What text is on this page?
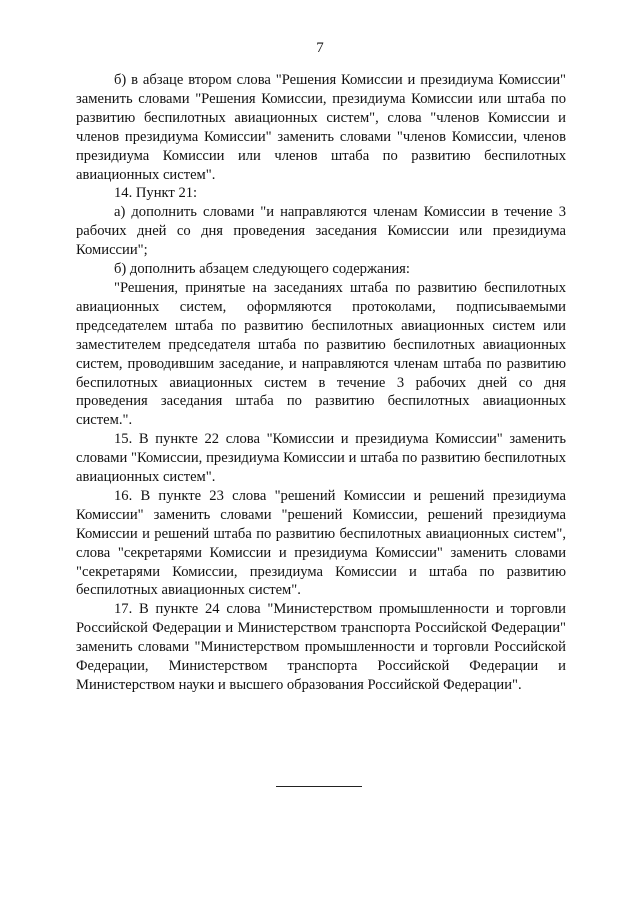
7

б) в абзаце втором слова "Решения Комиссии и президиума Комиссии" заменить словами "Решения Комиссии, президиума Комиссии или штаба по развитию беспилотных авиационных систем", слова "членов Комиссии и членов президиума Комиссии" заменить словами "членов Комиссии, членов президиума Комиссии или членов штаба по развитию беспилотных авиационных систем".

14. Пункт 21:

а) дополнить словами "и направляются членам Комиссии в течение 3 рабочих дней со дня проведения заседания Комиссии или президиума Комиссии";

б) дополнить абзацем следующего содержания:

"Решения, принятые на заседаниях штаба по развитию беспилотных авиационных систем, оформляются протоколами, подписываемыми председателем штаба по развитию беспилотных авиационных систем или заместителем председателя штаба по развитию беспилотных авиационных систем, проводившим заседание, и направляются членам штаба по развитию беспилотных авиационных систем в течение 3 рабочих дней со дня проведения заседания штаба по развитию беспилотных авиационных систем.".

15. В пункте 22 слова "Комиссии и президиума Комиссии" заменить словами "Комиссии, президиума Комиссии и штаба по развитию беспилотных авиационных систем".

16. В пункте 23 слова "решений Комиссии и решений президиума Комиссии" заменить словами "решений Комиссии, решений президиума Комиссии и решений штаба по развитию беспилотных авиационных систем", слова "секретарями Комиссии и президиума Комиссии" заменить словами "секретарями Комиссии, президиума Комиссии и штаба по развитию беспилотных авиационных систем".

17. В пункте 24 слова "Министерством промышленности и торговли Российской Федерации и Министерством транспорта Российской Федерации" заменить словами "Министерством промышленности и торговли Российской Федерации, Министерством транспорта Российской Федерации и Министерством науки и высшего образования Российской Федерации".
